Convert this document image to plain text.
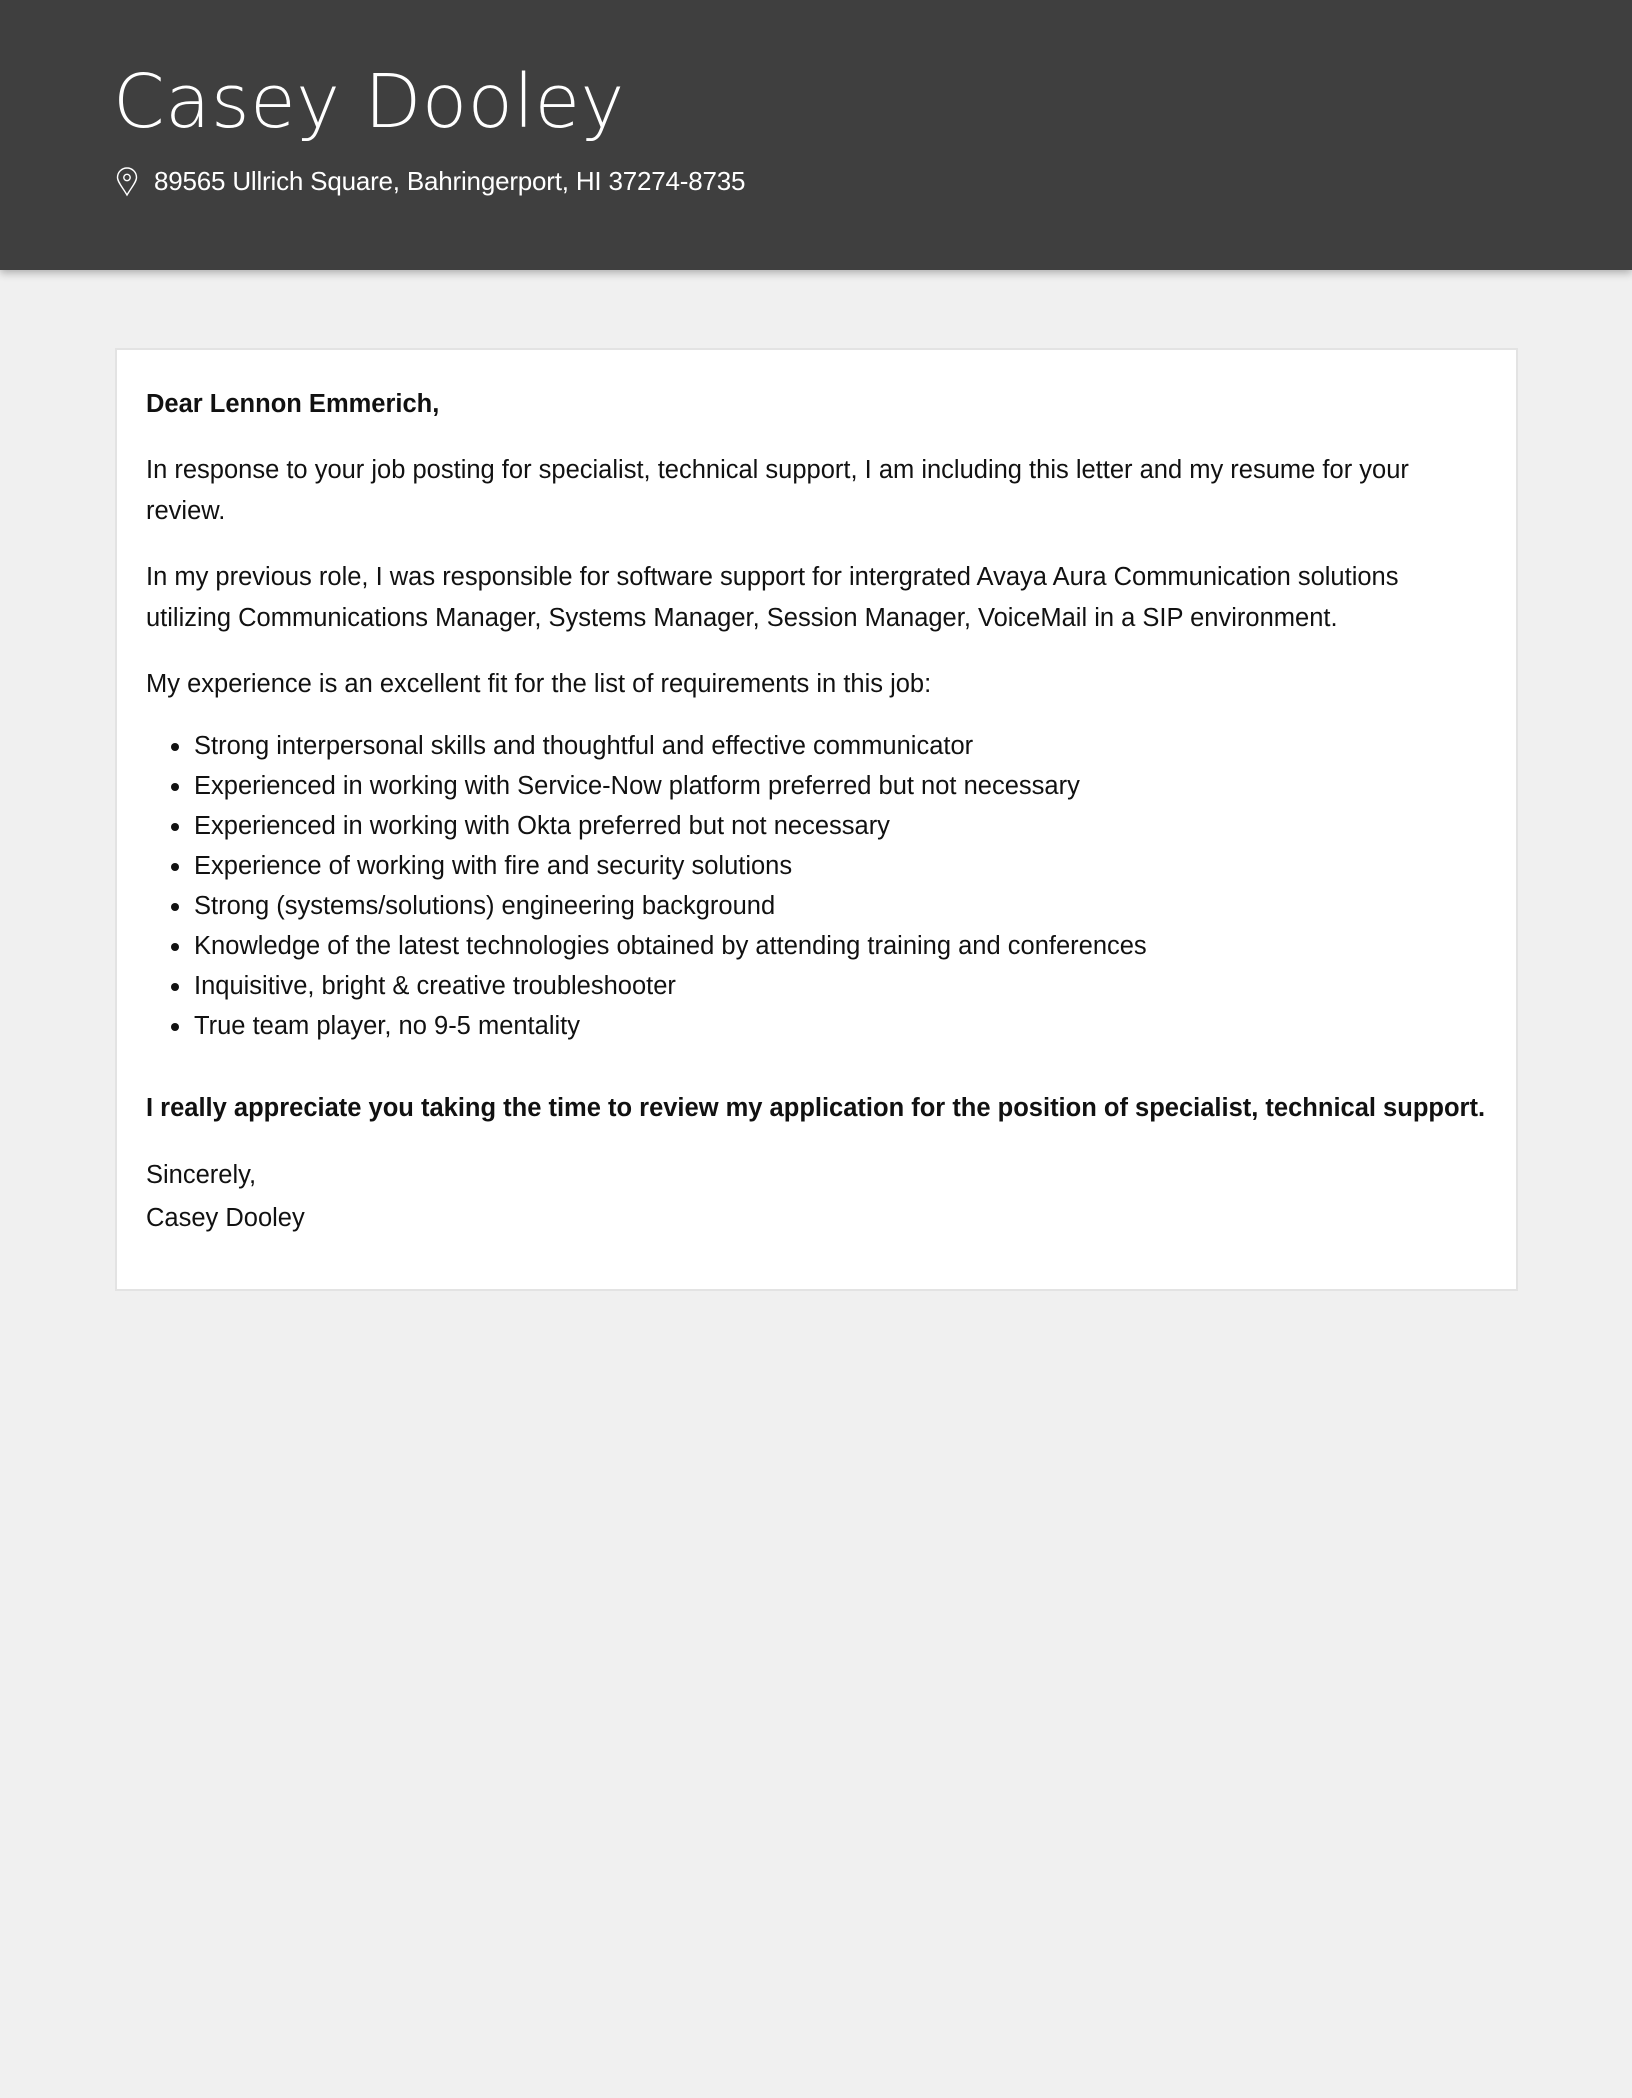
Casey Dooley
89565 Ullrich Square, Bahringerport, HI 37274-8735

Dear Lennon Emmerich,

In response to your job posting for specialist, technical support, I am including this letter and my resume for your review.

In my previous role, I was responsible for software support for intergrated Avaya Aura Communication solutions utilizing Communications Manager, Systems Manager, Session Manager, VoiceMail in a SIP environment.

My experience is an excellent fit for the list of requirements in this job:

Strong interpersonal skills and thoughtful and effective communicator
Experienced in working with Service-Now platform preferred but not necessary
Experienced in working with Okta preferred but not necessary
Experience of working with fire and security solutions
Strong (systems/solutions) engineering background
Knowledge of the latest technologies obtained by attending training and conferences
Inquisitive, bright & creative troubleshooter
True team player, no 9-5 mentality

I really appreciate you taking the time to review my application for the position of specialist, technical support.

Sincerely,
Casey Dooley
